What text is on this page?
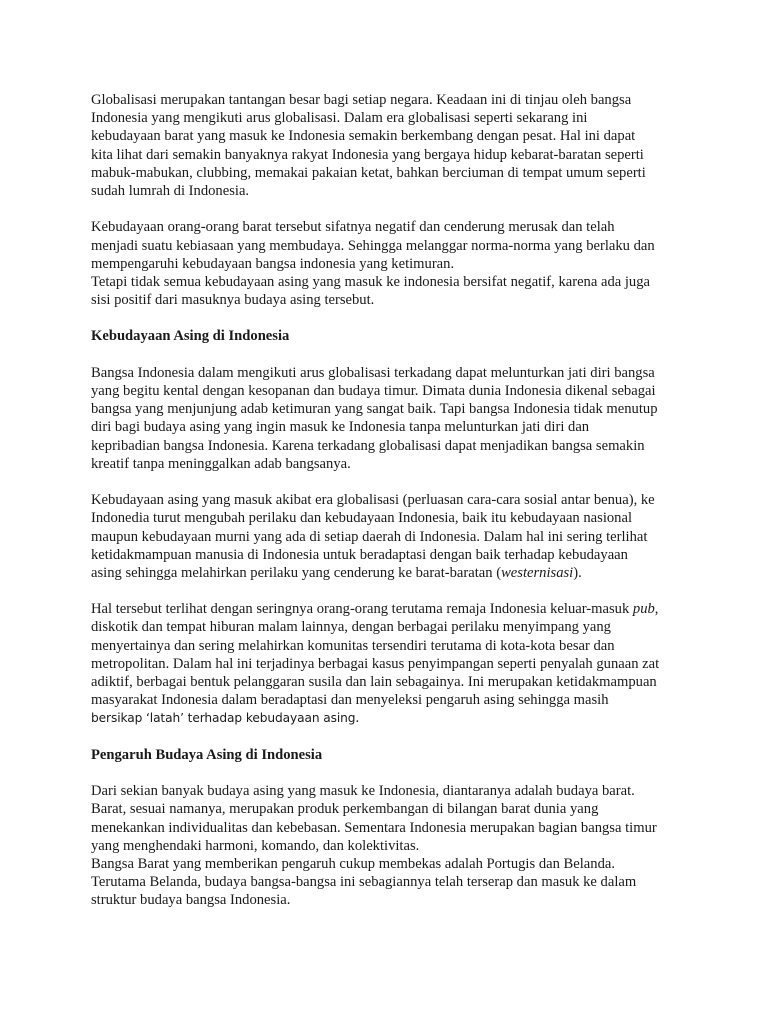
Globalisasi merupakan tantangan besar bagi setiap negara. Keadaan ini di tinjau oleh bangsa
Indonesia yang mengikuti arus globalisasi. Dalam era globalisasi seperti sekarang ini
kebudayaan barat yang masuk ke Indonesia semakin berkembang dengan pesat. Hal ini dapat
kita lihat dari semakin banyaknya rakyat Indonesia yang bergaya hidup kebarat-baratan seperti
mabuk-mabukan, clubbing, memakai pakaian ketat, bahkan berciuman di tempat umum seperti
sudah lumrah di Indonesia.
Kebudayaan orang-orang barat tersebut sifatnya negatif dan cenderung merusak dan telah
menjadi suatu kebiasaan yang membudaya. Sehingga melanggar norma-norma yang berlaku dan
mempengaruhi kebudayaan bangsa indonesia yang ketimuran.
Tetapi tidak semua kebudayaan asing yang masuk ke indonesia bersifat negatif, karena ada juga
sisi positif dari masuknya budaya asing tersebut.
Kebudayaan Asing di Indonesia
Bangsa Indonesia dalam mengikuti arus globalisasi terkadang dapat melunturkan jati diri bangsa
yang begitu kental dengan kesopanan dan budaya timur. Dimata dunia Indonesia dikenal sebagai
bangsa yang menjunjung adab ketimuran yang sangat baik. Tapi bangsa Indonesia tidak menutup
diri bagi budaya asing yang ingin masuk ke Indonesia tanpa melunturkan jati diri dan
kepribadian bangsa Indonesia. Karena terkadang globalisasi dapat menjadikan bangsa semakin
kreatif tanpa meninggalkan adab bangsanya.
Kebudayaan asing yang masuk akibat era globalisasi (perluasan cara-cara sosial antar benua), ke
Indonedia turut mengubah perilaku dan kebudayaan Indonesia, baik itu kebudayaan nasional
maupun kebudayaan murni yang ada di setiap daerah di Indonesia. Dalam hal ini sering terlihat
ketidakmampuan manusia di Indonesia untuk beradaptasi dengan baik terhadap kebudayaan
asing sehingga melahirkan perilaku yang cenderung ke barat-baratan (westernisasi).
Hal tersebut terlihat dengan seringnya orang-orang terutama remaja Indonesia keluar-masuk pub,
diskotik dan tempat hiburan malam lainnya, dengan berbagai perilaku menyimpang yang
menyertainya dan sering melahirkan komunitas tersendiri terutama di kota-kota besar dan
metropolitan. Dalam hal ini terjadinya berbagai kasus penyimpangan seperti penyalah gunaan zat
adiktif, berbagai bentuk pelanggaran susila dan lain sebagainya. Ini merupakan ketidakmampuan
masyarakat Indonesia dalam beradaptasi dan menyeleksi pengaruh asing sehingga masih
bersikap ‘latah’ terhadap kebudayaan asing.
Pengaruh Budaya Asing di Indonesia
Dari sekian banyak budaya asing yang masuk ke Indonesia, diantaranya adalah budaya barat.
Barat, sesuai namanya, merupakan produk perkembangan di bilangan barat dunia yang
menekankan individualitas dan kebebasan. Sementara Indonesia merupakan bagian bangsa timur
yang menghendaki harmoni, komando, dan kolektivitas.
Bangsa Barat yang memberikan pengaruh cukup membekas adalah Portugis dan Belanda.
Terutama Belanda, budaya bangsa-bangsa ini sebagiannya telah terserap dan masuk ke dalam
struktur budaya bangsa Indonesia.
